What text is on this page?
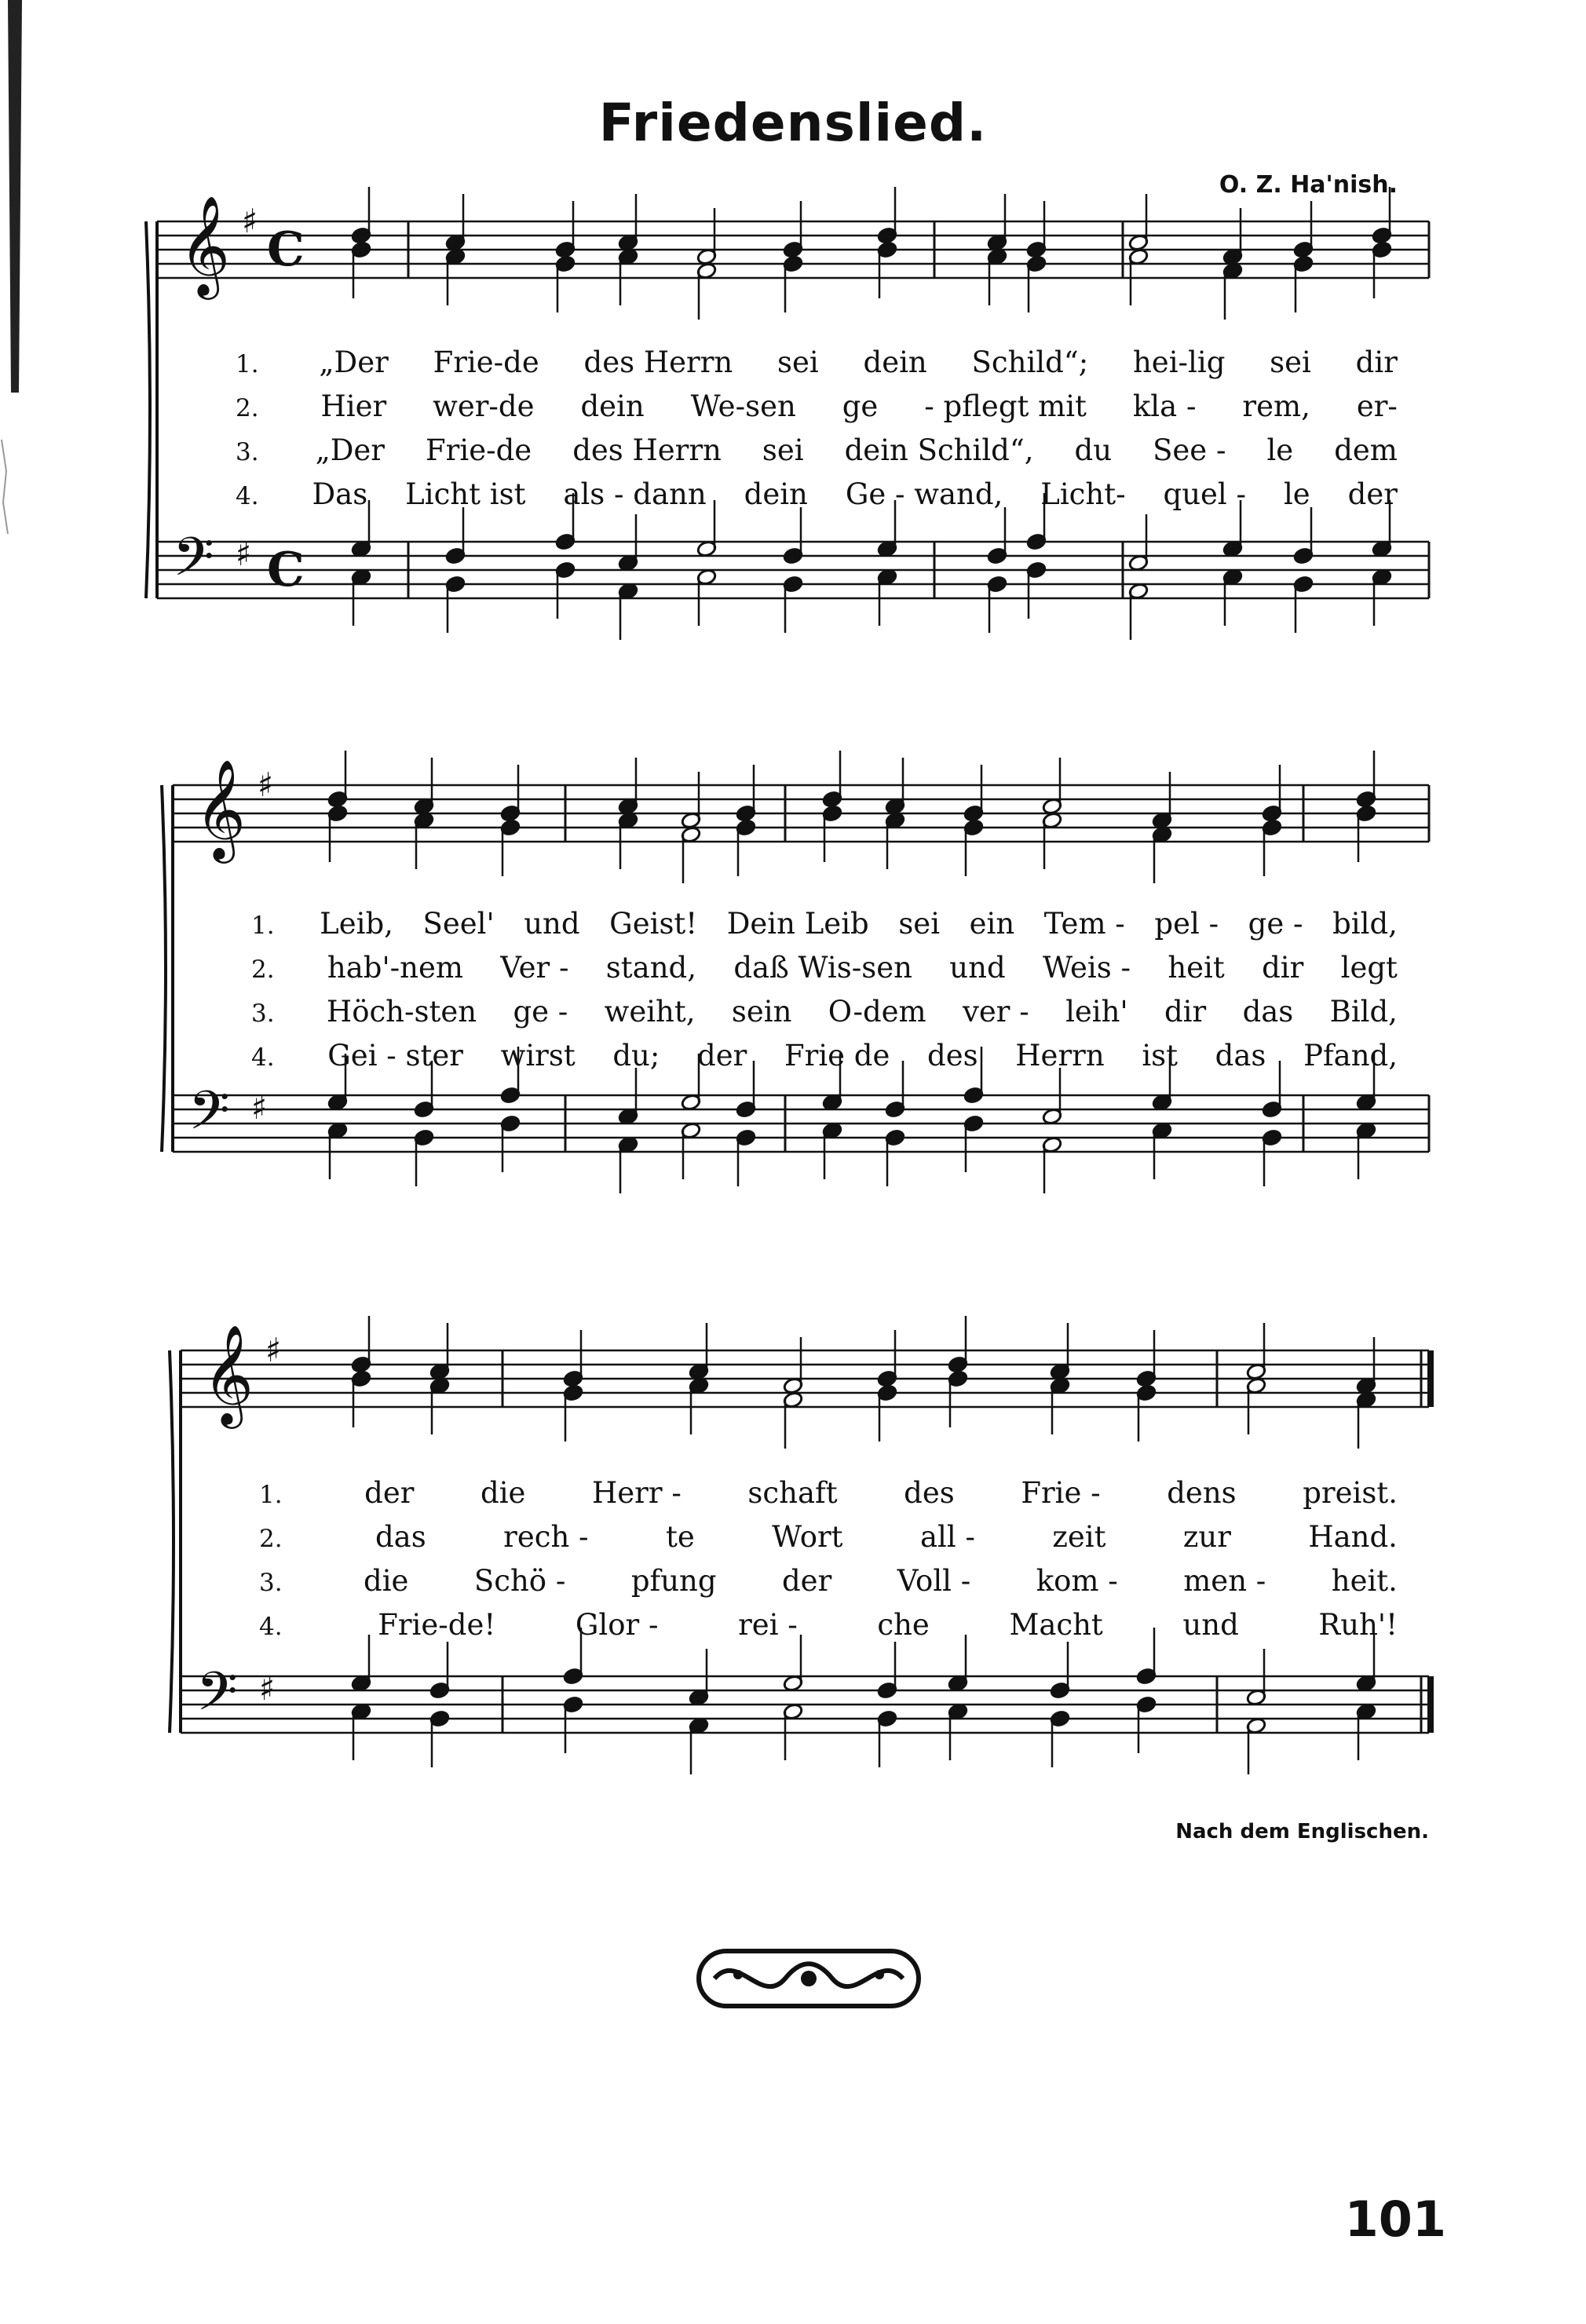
Friedenslied.
O. Z. Ha'nish.
𝄞
𝄢
♯
♯
C
C
𝄞
𝄢
♯
♯
𝄞
𝄢
♯
♯
1. „Der Frie-de des Herrn sei dein Schild“; hei-lig sei dir
2. Hier wer-de dein We-sen ge - pflegt mit kla - rem, er-
3. „Der Frie-de des Herrn sei dein Schild“, du See - le dem
4. Das Licht ist als - dann dein Ge - wand, Licht- quel - le der
1. Leib, Seel' und Geist! Dein Leib sei ein Tem - pel - ge - bild,
2. hab'-nem Ver - stand, daß Wis-sen und Weis - heit dir legt
3. Höch-sten ge - weiht, sein O-dem ver - leih' dir das Bild,
4. Gei - ster wirst du; der Frie de des Herrn ist das Pfand,
1.	der die Herr - schaft des Frie - dens preist.
2.	das	rech -	te	Wort	all -	zeit	zur	Hand.
3.	die Schö - pfung der Voll - kom - men - heit.
4.	Frie-de!	Glor -	rei -	che	Macht	und	Ruh'!
Nach dem Englischen.
101
